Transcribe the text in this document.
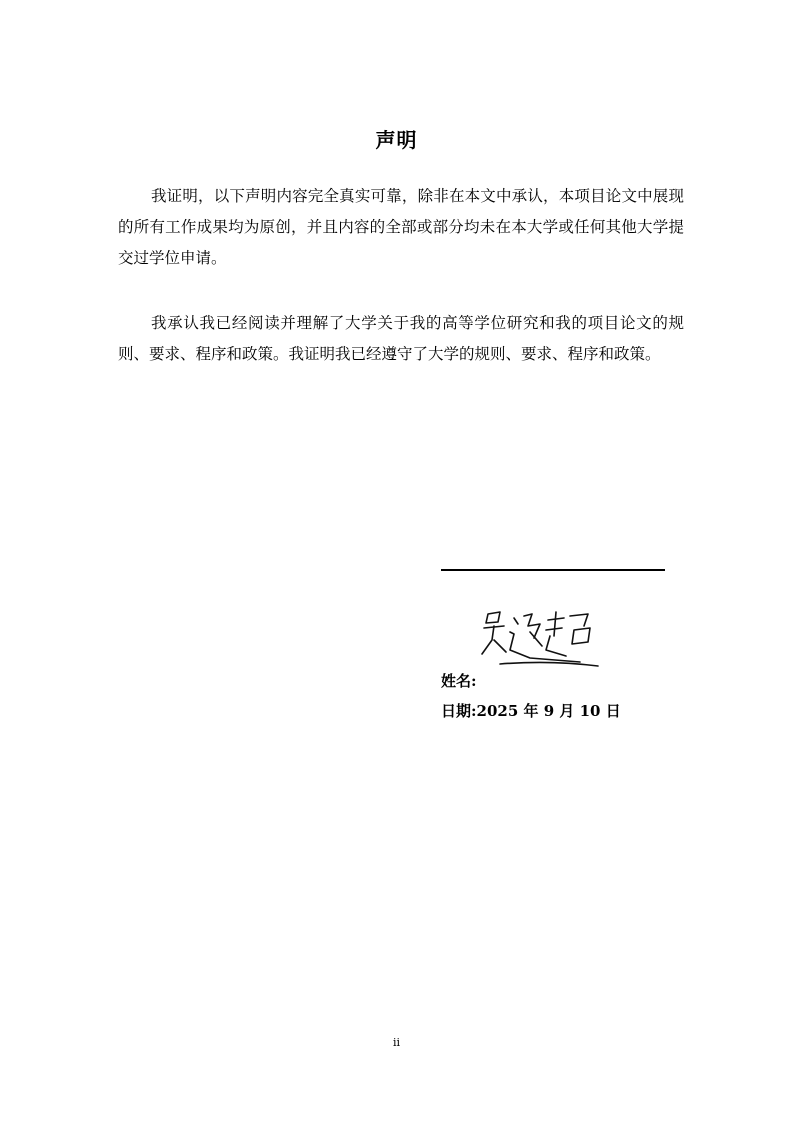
声明

我证明，以下声明内容完全真实可靠，除非在本文中承认，本项目论文中展现的所有工作成果均为原创，并且内容的全部或部分均未在本大学或任何其他大学提交过学位申请。

我承认我已经阅读并理解了大学关于我的高等学位研究和我的项目论文的规则、要求、程序和政策。我证明我已经遵守了大学的规则、要求、程序和政策。

姓名:
日期:2025 年 9 月 10 日
ii
